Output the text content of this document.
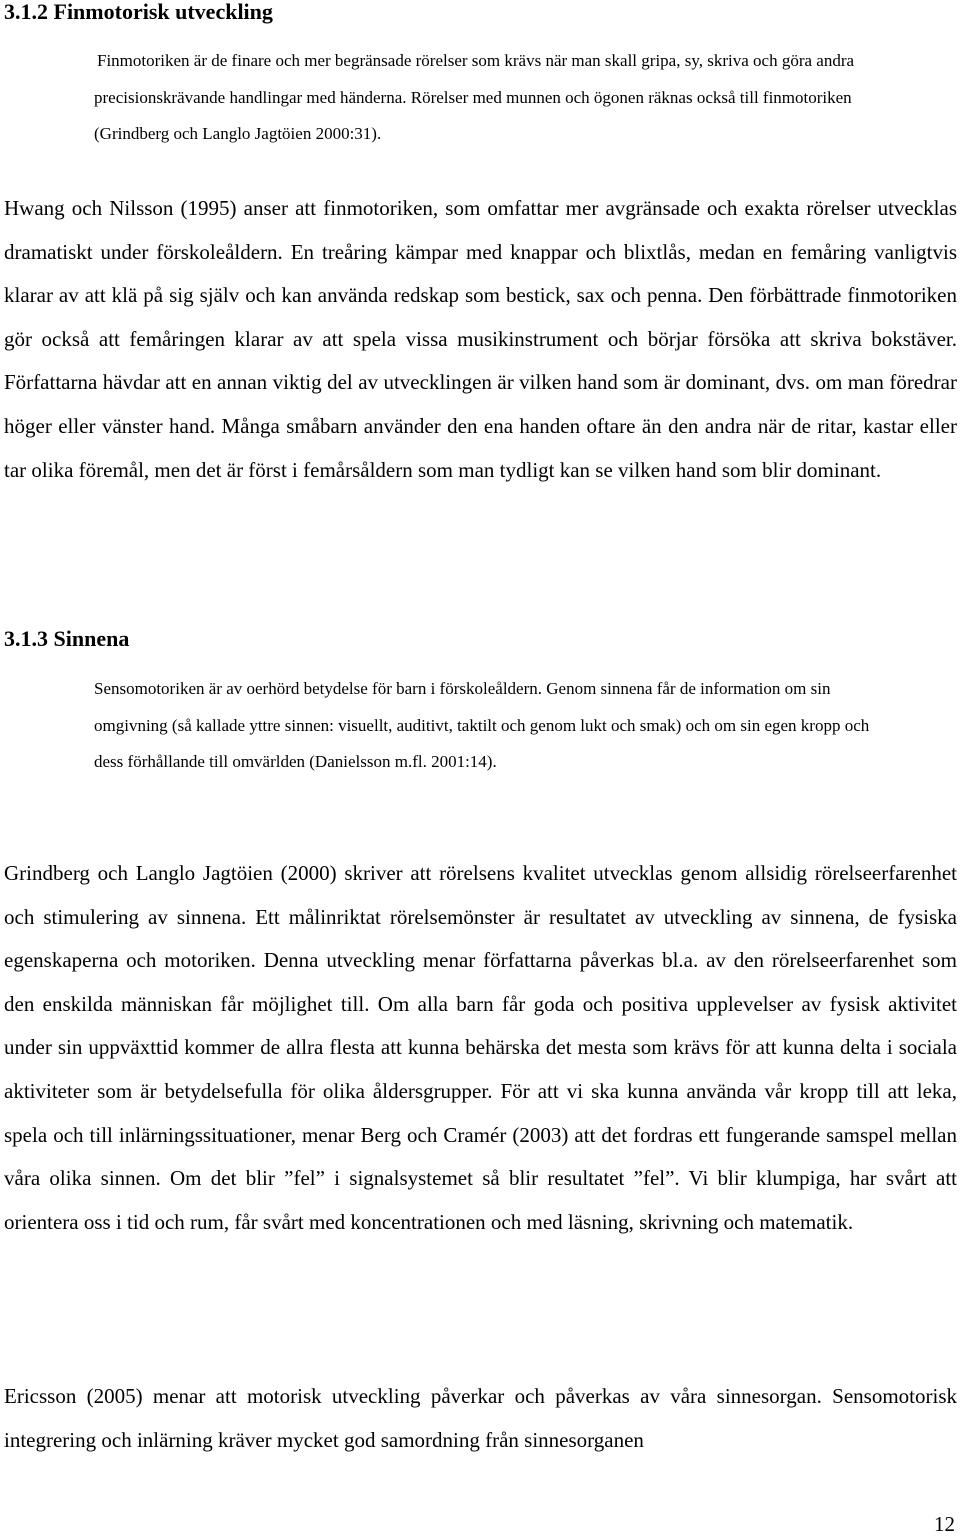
3.1.2 Finmotorisk utveckling

Finmotoriken är de finare och mer begränsade rörelser som krävs när man skall gripa, sy, skriva och göra andra precisionskrävande handlingar med händerna. Rörelser med munnen och ögonen räknas också till finmotoriken (Grindberg och Langlo Jagtöien 2000:31).

Hwang och Nilsson (1995) anser att finmotoriken, som omfattar mer avgränsade och exakta rörelser utvecklas dramatiskt under förskoleåldern. En treåring kämpar med knappar och blixtlås, medan en femåring vanligtvis klarar av att klä på sig själv och kan använda redskap som bestick, sax och penna. Den förbättrade finmotoriken gör också att femåringen klarar av att spela vissa musikinstrument och börjar försöka att skriva bokstäver. Författarna hävdar att en annan viktig del av utvecklingen är vilken hand som är dominant, dvs. om man föredrar höger eller vänster hand. Många småbarn använder den ena handen oftare än den andra när de ritar, kastar eller tar olika föremål, men det är först i femårsåldern som man tydligt kan se vilken hand som blir dominant.

3.1.3 Sinnena

Sensomotoriken är av oerhörd betydelse för barn i förskoleåldern. Genom sinnena får de information om sin omgivning (så kallade yttre sinnen: visuellt, auditivt, taktilt och genom lukt och smak) och om sin egen kropp och dess förhållande till omvärlden (Danielsson m.fl. 2001:14).

Grindberg och Langlo Jagtöien (2000) skriver att rörelsens kvalitet utvecklas genom allsidig rörelseerfarenhet och stimulering av sinnena. Ett målinriktat rörelsemönster är resultatet av utveckling av sinnena, de fysiska egenskaperna och motoriken. Denna utveckling menar författarna påverkas bl.a. av den rörelseerfarenhet som den enskilda människan får möjlighet till. Om alla barn får goda och positiva upplevelser av fysisk aktivitet under sin uppväxttid kommer de allra flesta att kunna behärska det mesta som krävs för att kunna delta i sociala aktiviteter som är betydelsefulla för olika åldersgrupper. För att vi ska kunna använda vår kropp till att leka, spela och till inlärningssituationer, menar Berg och Cramér (2003) att det fordras ett fungerande samspel mellan våra olika sinnen. Om det blir ”fel” i signalsystemet så blir resultatet ”fel”. Vi blir klumpiga, har svårt att orientera oss i tid och rum, får svårt med koncentrationen och med läsning, skrivning och matematik.

Ericsson (2005) menar att motorisk utveckling påverkar och påverkas av våra sinnesorgan. Sensomotorisk integrering och inlärning kräver mycket god samordning från sinnesorganen

12
